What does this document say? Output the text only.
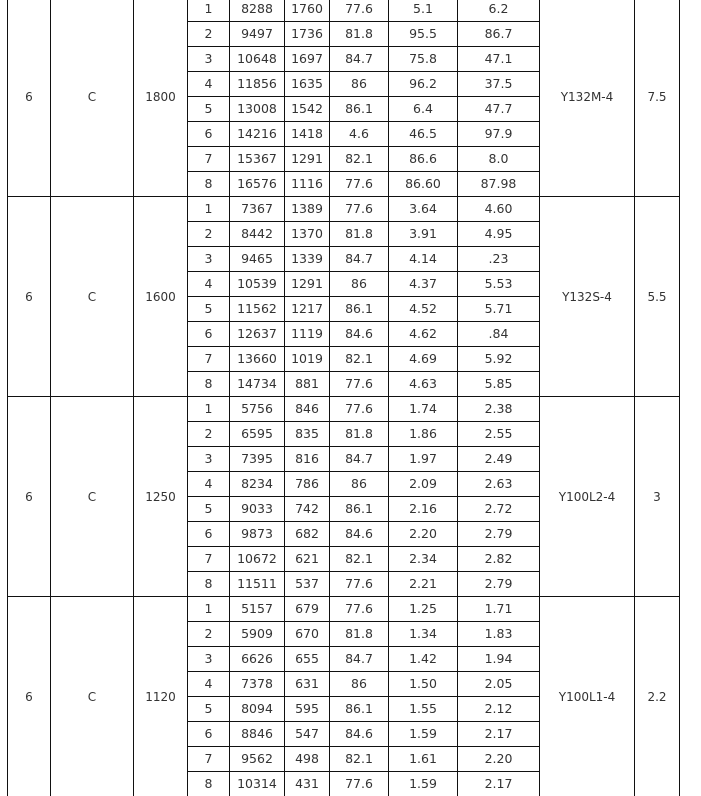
6	C	1800	1	8288	1760	77.6	5.1	6.2	Y132M-4	7.5
			2	9497	1736	81.8	95.5	86.7		
			3	10648	1697	84.7	75.8	47.1		
			4	11856	1635	86	96.2	37.5		
			5	13008	1542	86.1	6.4	47.7		
			6	14216	1418	4.6	46.5	97.9		
			7	15367	1291	82.1	86.6	8.0		
			8	16576	1116	77.6	86.60	87.98		
6	C	1600	1	7367	1389	77.6	3.64	4.60	Y132S-4	5.5
			2	8442	1370	81.8	3.91	4.95		
			3	9465	1339	84.7	4.14	.23		
			4	10539	1291	86	4.37	5.53		
			5	11562	1217	86.1	4.52	5.71		
			6	12637	1119	84.6	4.62	.84		
			7	13660	1019	82.1	4.69	5.92		
			8	14734	881	77.6	4.63	5.85		
6	C	1250	1	5756	846	77.6	1.74	2.38	Y100L2-4	3
			2	6595	835	81.8	1.86	2.55		
			3	7395	816	84.7	1.97	2.49		
			4	8234	786	86	2.09	2.63		
			5	9033	742	86.1	2.16	2.72		
			6	9873	682	84.6	2.20	2.79		
			7	10672	621	82.1	2.34	2.82		
			8	11511	537	77.6	2.21	2.79		
6	C	1120	1	5157	679	77.6	1.25	1.71	Y100L1-4	2.2
			2	5909	670	81.8	1.34	1.83		
			3	6626	655	84.7	1.42	1.94		
			4	7378	631	86	1.50	2.05		
			5	8094	595	86.1	1.55	2.12		
			6	8846	547	84.6	1.59	2.17		
			7	9562	498	82.1	1.61	2.20		
			8	10314	431	77.6	1.59	2.17		
